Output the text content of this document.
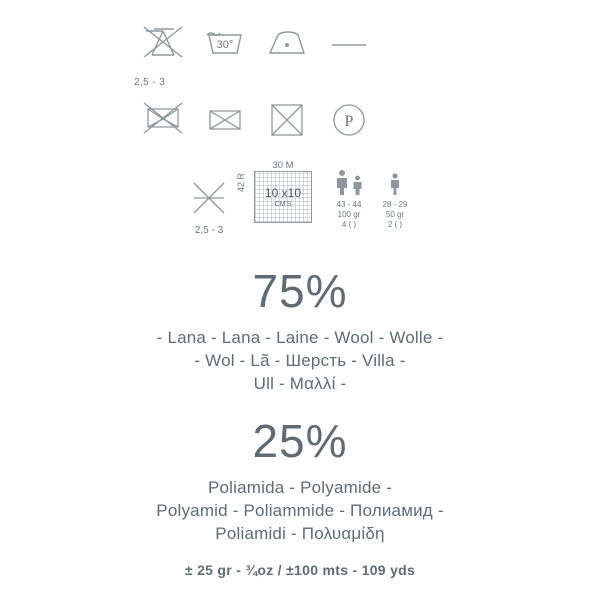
2,5 - 3
30°
P
2,5 - 3
30 M
42 R
10 x10
CM'S	43 - 44
100 gr
4 ( )
28 - 29
50 gr
2 ( )
75%
- Lana - Lana - Laine - Wool - Wolle -
- Wol - Lã - Шерсть - Villa -
Ull - Μαλλί -
25%
Poliamida - Polyamide -
Polyamid - Poliammide - Полиамид -
Poliamidi - Πολυαμίδη
± 25 gr - ¾oz / ±100 mts - 109 yds
